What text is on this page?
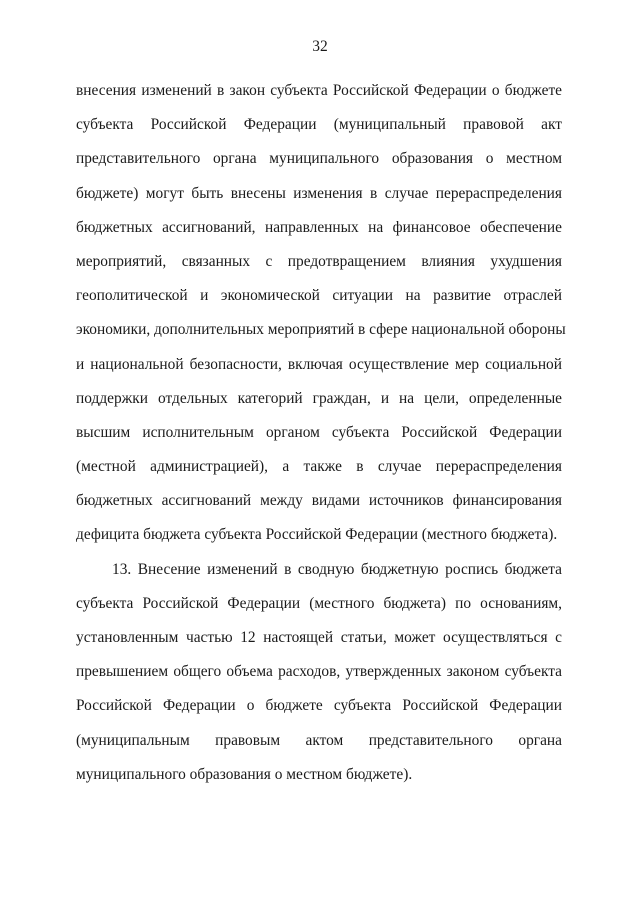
32
внесения изменений в закон субъекта Российской Федерации о бюджете
субъекта Российской Федерации (муниципальный правовой акт
представительного органа муниципального образования о местном
бюджете) могут быть внесены изменения в случае перераспределения
бюджетных ассигнований, направленных на финансовое обеспечение
мероприятий, связанных с предотвращением влияния ухудшения
геополитической и экономической ситуации на развитие отраслей
экономики, дополнительных мероприятий в сфере национальной обороны
и национальной безопасности, включая осуществление мер социальной
поддержки отдельных категорий граждан, и на цели, определенные
высшим исполнительным органом субъекта Российской Федерации
(местной администрацией), а также в случае перераспределения
бюджетных ассигнований между видами источников финансирования
дефицита бюджета субъекта Российской Федерации (местного бюджета).
13. Внесение изменений в сводную бюджетную роспись бюджета
субъекта Российской Федерации (местного бюджета) по основаниям,
установленным частью 12 настоящей статьи, может осуществляться с
превышением общего объема расходов, утвержденных законом субъекта
Российской Федерации о бюджете субъекта Российской Федерации
(муниципальным правовым актом представительного органа
муниципального образования о местном бюджете).
